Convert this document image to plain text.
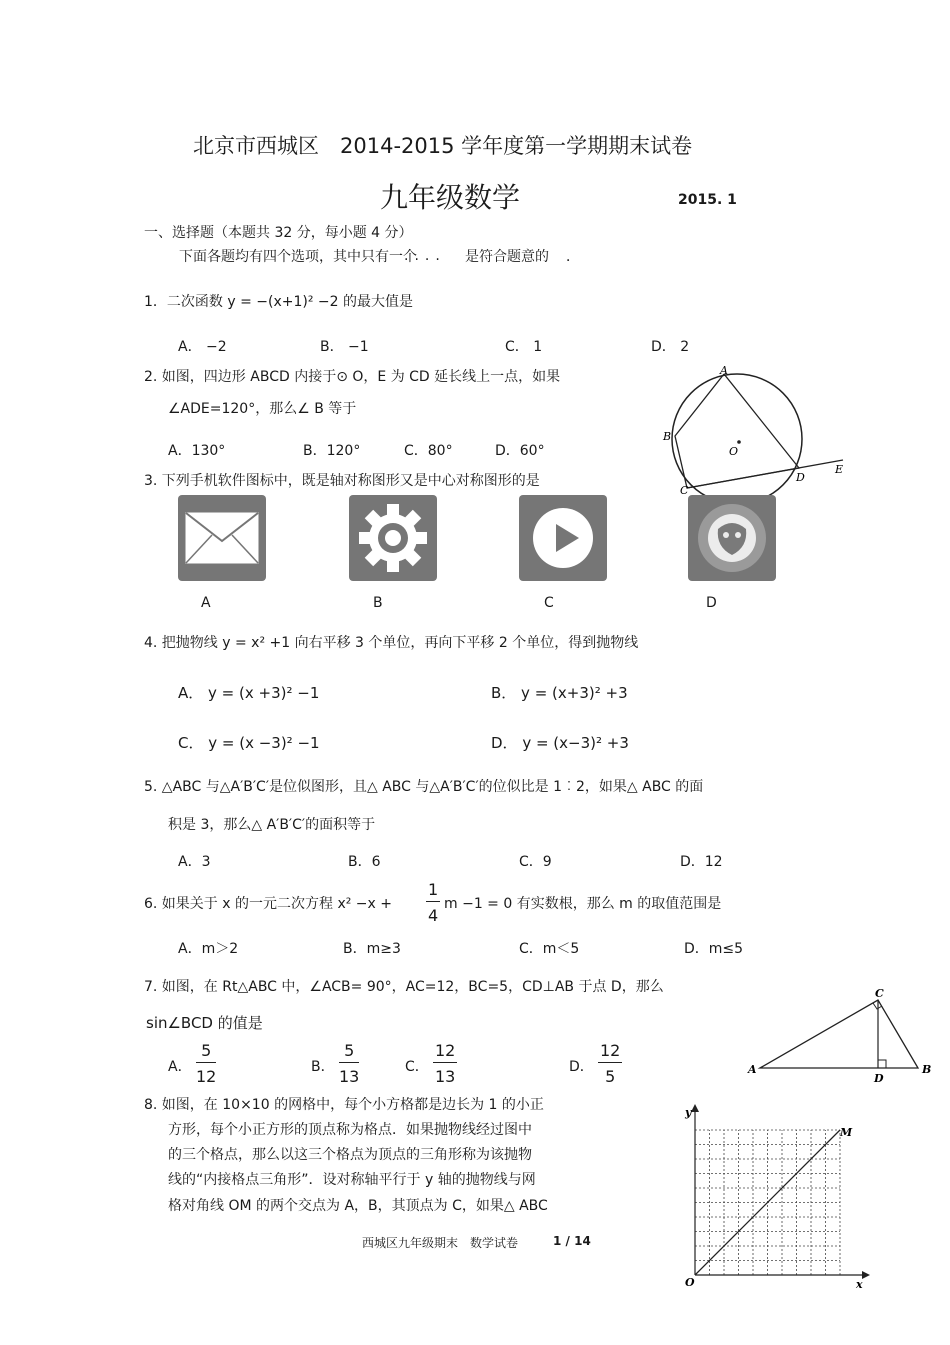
北京市西城区　2014-2015 学年度第一学期期末试卷
九年级数学	2015. 1
一、选择题（本题共 32 分，每小题 4 分）
下面各题均有四个选项，其中只有一个
···· 是符合题意的 ．
1．二次函数 y = −(x+1)² −2 的最大值是
A． −2	B． −1	C． 1	D． 2
2. 如图，四边形 ABCD 内接于⊙ O，E 为 CD 延长线上一点，如果
∠ADE=120°，那么∠ B 等于
A．130°	B．120°	C．80°	D．60°
A
B
O
C
D
E
3. 下列手机软件图标中，既是轴对称图形又是中心对称图形的是
A	B	C	D
4. 把抛物线 y = x² +1 向右平移 3 个单位，再向下平移 2 个单位，得到抛物线
A． y = (x +3)² −1	B． y = (x+3)² +3
C． y = (x −3)² −1	D． y = (x−3)² +3
5. △ABC 与△A′B′C′是位似图形，且△ ABC 与△A′B′C′的位似比是 1︰2，如果△ ABC 的面
积是 3，那么△ A′B′C′的面积等于
A．3	B．6	C．9	D．12
6. 如果关于 x 的一元二次方程 $x^2 -x + \frac{1}{4}$ m −1 = 0 有实数根，那么 m 的取值范围是
A．m＞2	B．m≥3	C．m＜5	D．m≤5
7. 如图，在 Rt△ABC 中，∠ACB= 90°，AC=12，BC=5，CD⊥AB 于点 D，那么
sin∠BCD 的值是
A． $\frac{5}{12}$	B． $\frac{5}{13}$	C． $\frac{12}{13}$	D． $\frac{12}{5}$
C
A
D
B
8. 如图，在 10×10 的网格中，每个小方格都是边长为 1 的小正
方形，每个小正方形的顶点称为格点．如果抛物线经过图中
的三个格点，那么以这三个格点为顶点的三角形称为该抛物
线的“内接格点三角形”．设对称轴平行于 y 轴的抛物线与网
格对角线 OM 的两个交点为 A，B，其顶点为 C，如果△ ABC
y
M
O	x
西城区九年级期末　数学试卷	1 / 14
